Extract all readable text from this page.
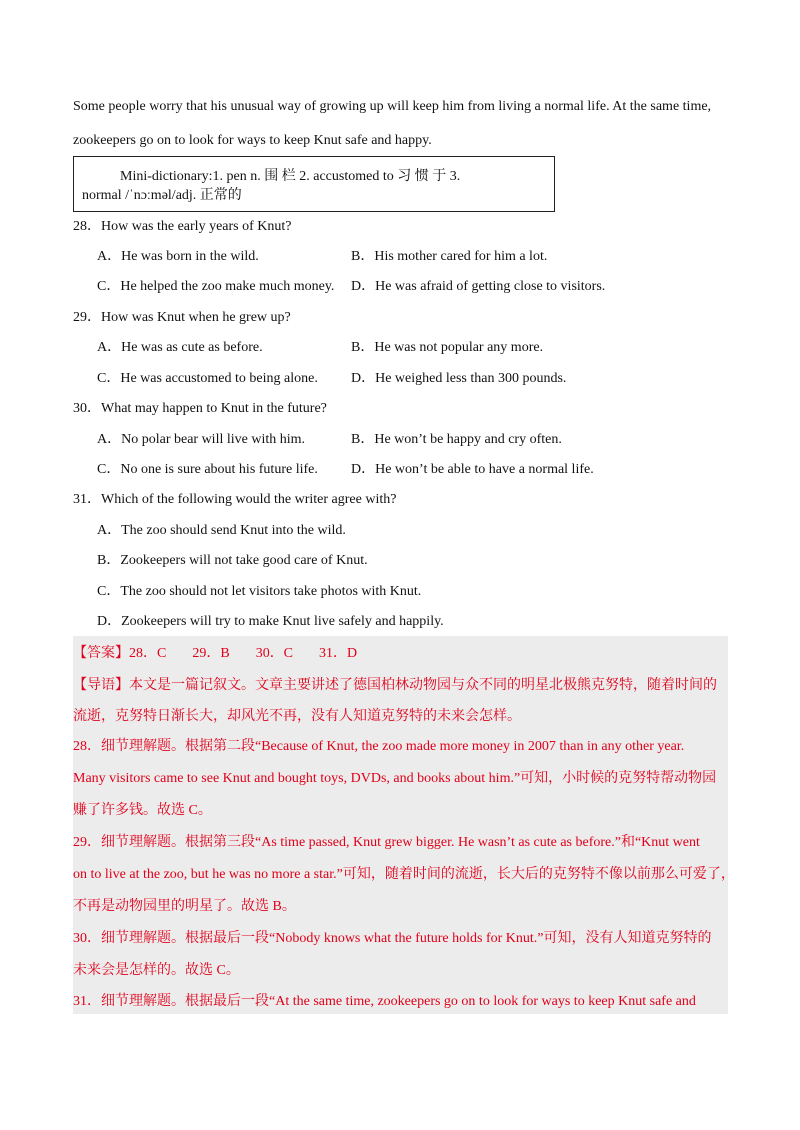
Some people worry that his unusual way of growing up will keep him from living a normal life. At the same time,
zookeepers go on to look for ways to keep Knut safe and happy.
Mini-dictionary:1. pen n. 围 栏 2. accustomed to 习 惯 于 3.
normal /ˈnɔːməl/adj. 正常的
28．How was the early years of Knut?
A．He was born in the wild.	B．His mother cared for him a lot.
C．He helped the zoo make much money. D．He was afraid of getting close to visitors.
29．How was Knut when he grew up?
A．He was as cute as before.	B．He was not popular any more.
C．He was accustomed to being alone. D．He weighed less than 300 pounds.
30．What may happen to Knut in the future?
A．No polar bear will live with him.	B．He won’t be happy and cry often.
C．No one is sure about his future life. D．He won’t be able to have a normal life.
31．Which of the following would the writer agree with?
A．The zoo should send Knut into the wild.
B．Zookeepers will not take good care of Knut.
C．The zoo should not let visitors take photos with Knut.
D．Zookeepers will try to make Knut live safely and happily.
【答案】28．C 29．B 30．C 31．D
【导语】本文是一篇记叙文。文章主要讲述了德国柏林动物园与众不同的明星北极熊克努特，随着时间的
流逝，克努特日渐长大，却风光不再，没有人知道克努特的未来会怎样。
28．细节理解题。根据第二段“Because of Knut, the zoo made more money in 2007 than in any other year.
Many visitors came to see Knut and bought toys, DVDs, and books about him.”可知，小时候的克努特帮动物园
赚了许多钱。故选 C。
29．细节理解题。根据第三段“As time passed, Knut grew bigger. He wasn’t as cute as before.”和“Knut went
on to live at the zoo, but he was no more a star.”可知，随着时间的流逝，长大后的克努特不像以前那么可爱了，
不再是动物园里的明星了。故选 B。
30．细节理解题。根据最后一段“Nobody knows what the future holds for Knut.”可知，没有人知道克努特的
未来会是怎样的。故选 C。
31．细节理解题。根据最后一段“At the same time, zookeepers go on to look for ways to keep Knut safe and
